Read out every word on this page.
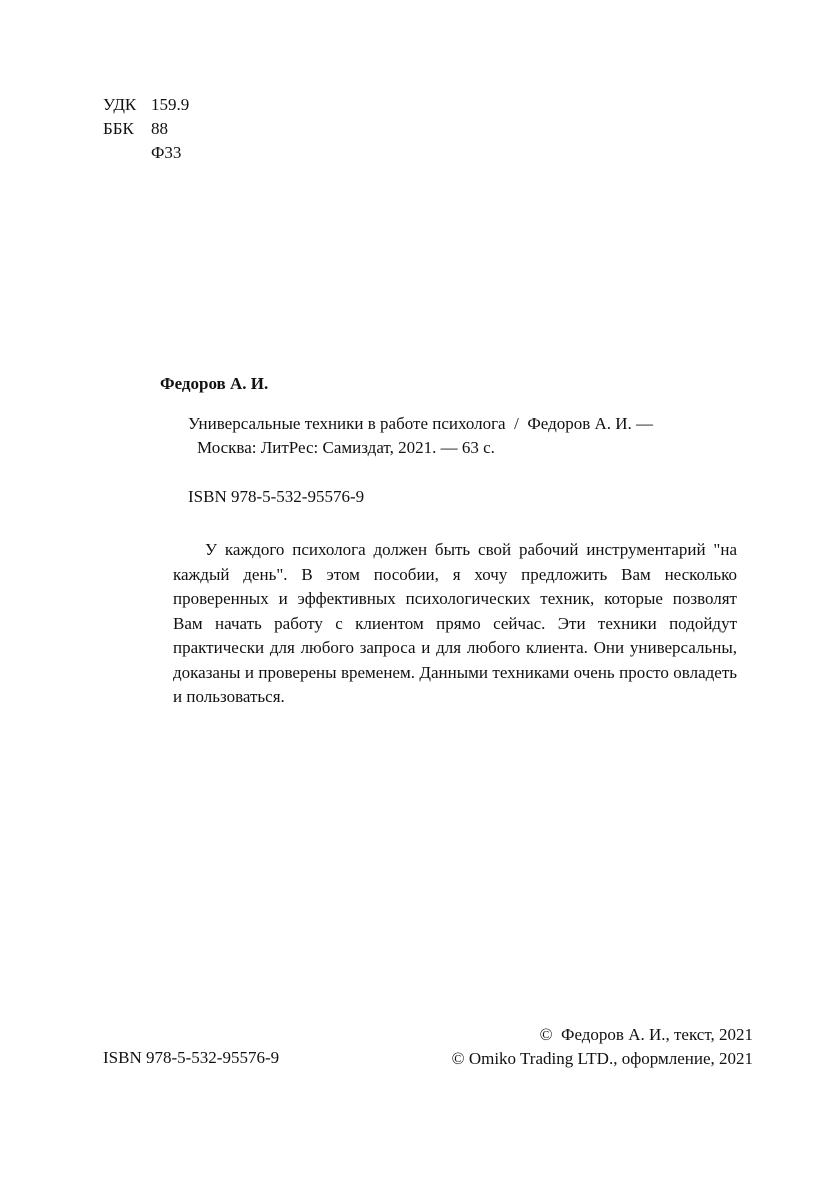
УДК 159.9
ББК	88
Ф33
Федоров А. И.
Универсальные техники в работе психолога  /  Федоров А. И. —
Москва: ЛитРес: Самиздат, 2021. — 63 с.
ISBN 978-5-532-95576-9
У каждого психолога должен быть свой рабочий инструментарий "на каждый день". В этом пособии, я хочу предложить Вам несколько проверенных и эффективных психологических техник, которые позволят Вам начать работу с клиентом прямо сейчас. Эти техники подойдут практически для любого запроса и для любого клиента. Они универсальны, доказаны и проверены временем. Данными техниками очень просто овладеть и пользоваться.
ISBN 978-5-532-95576-9
©  Федоров А. И., текст, 2021
© Omiko Trading LTD., оформление, 2021
